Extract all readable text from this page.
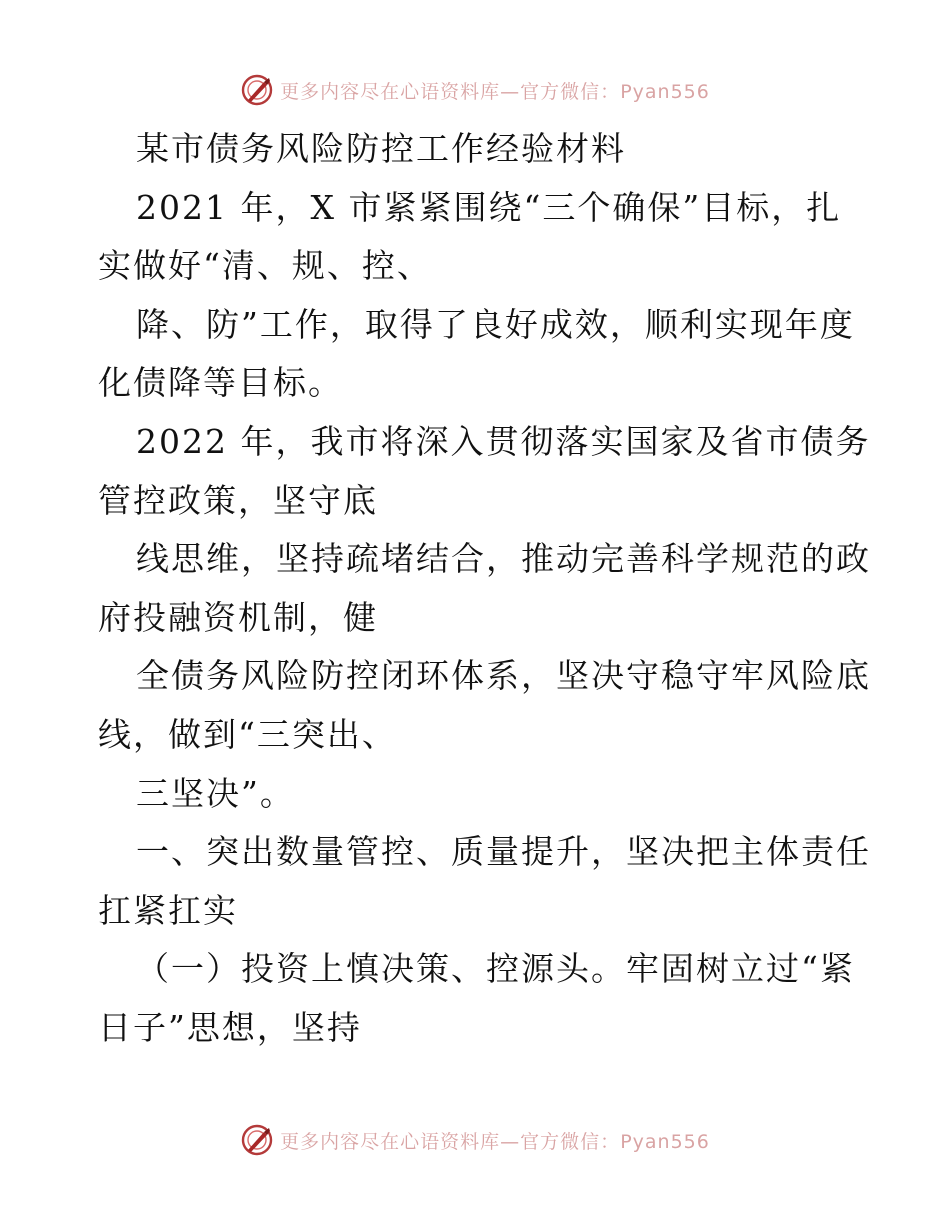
更多内容尽在心语资料库—官方微信：Pyan556
某市债务风险防控工作经验材料
2021 年，X 市紧紧围绕“三个确保”目标，扎
实做好“清、规、控、
降、防”工作，取得了良好成效，顺利实现年度
化债降等目标。
2022 年，我市将深入贯彻落实国家及省市债务
管控政策，坚守底
线思维，坚持疏堵结合，推动完善科学规范的政
府投融资机制，健
全债务风险防控闭环体系，坚决守稳守牢风险底
线，做到“三突出、
三坚决”。
一、突出数量管控、质量提升，坚决把主体责任
扛紧扛实
（一）投资上慎决策、控源头。牢固树立过“紧
日子”思想，坚持
更多内容尽在心语资料库—官方微信：Pyan556
